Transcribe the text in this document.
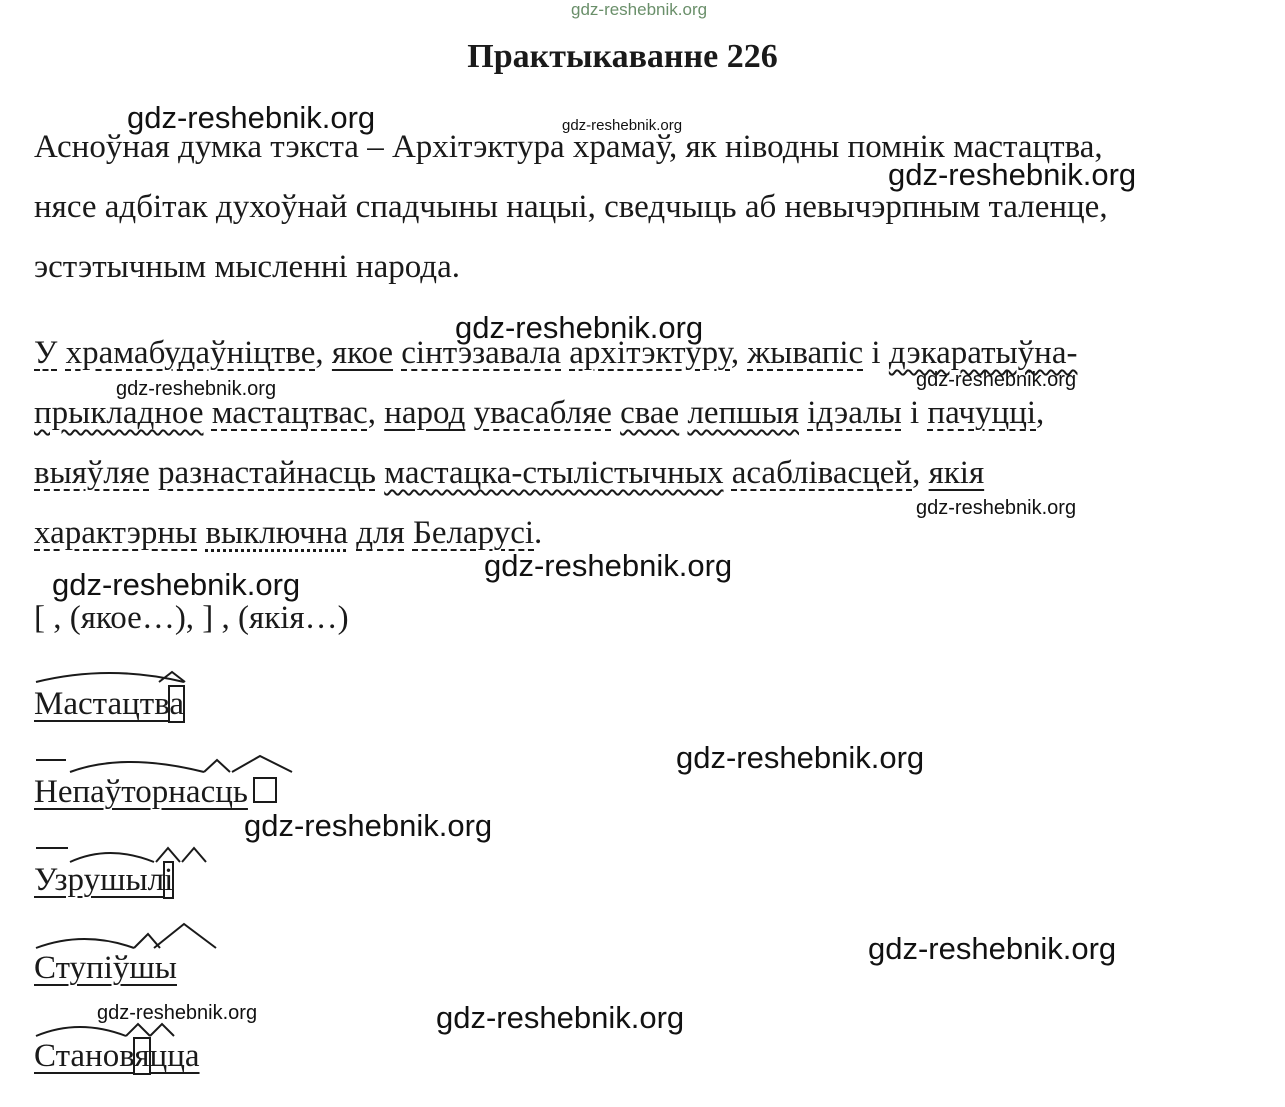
gdz-reshebnik.org
gdz-reshebnik.org	gdz-reshebnik.org
gdz-reshebnik.org
gdz-reshebnik.org
gdz-reshebnik.org	gdz-reshebnik.org
gdz-reshebnik.org
gdz-reshebnik.org
gdz-reshebnik.org
gdz-reshebnik.org
gdz-reshebnik.org
gdz-reshebnik.org
gdz-reshebnik.org	gdz-reshebnik.org
Практыкаванне 226
Асноўная думка тэкста – Архітэктура храмаў, як ніводны помнік мастацтва,
нясе адбітак духоўнай спадчыны нацыі, сведчыць аб невычэрпным таленце,
эстэтычным мысленні народа.
У храмабудаўніцтве, якое сінтэзавала архітэктуру, жывапіс і дэкаратыўна-
прыкладное мастацтвас, народ увасабляе свае лепшыя ідэалы і пачуцці,
выяўляе разнастайнасць мастацка-стылістычных асаблівасцей, якія
характэрны выключна для Беларусі.
[ , (якое…), ] , (якія…)
Мастацтва
Непаўторнасць
Узрушылі
Ступіўшы
Становяцца
